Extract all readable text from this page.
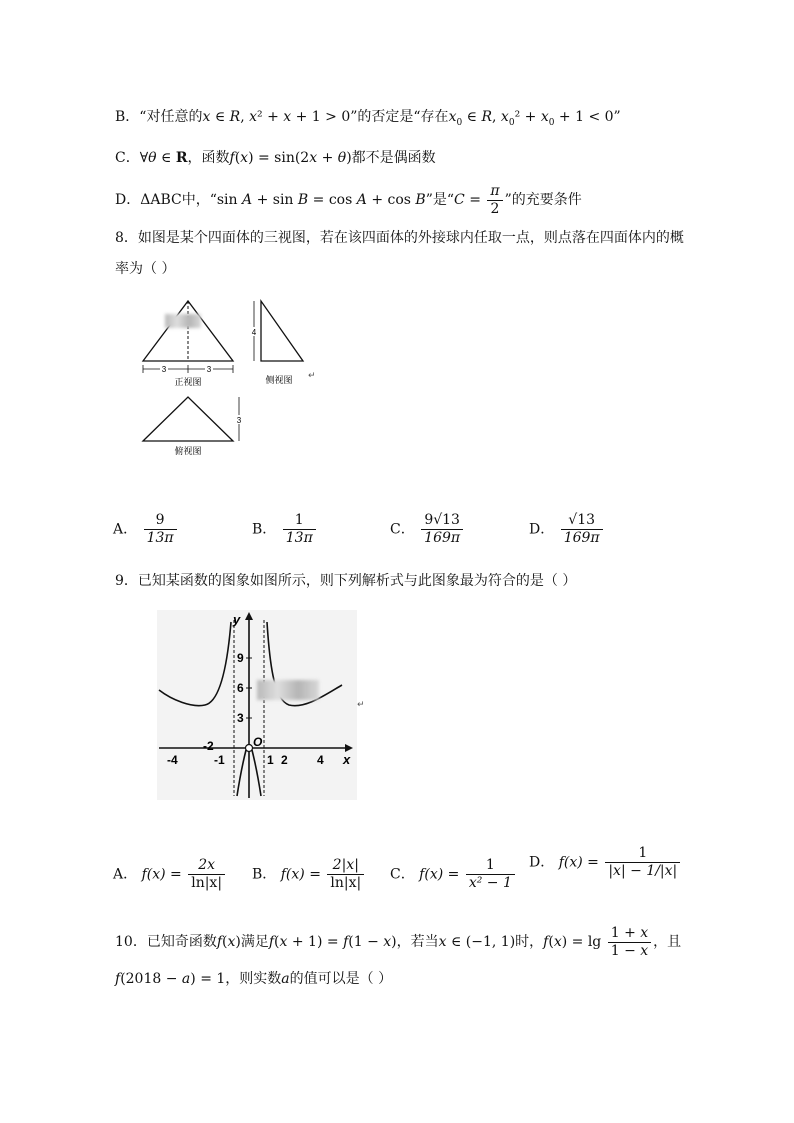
B．“对任意的x ∈ R, x² + x + 1 > 0”的否定是“存在$x_0$ ∈ R, $x_0^2 + x_0 + 1 < 0$”
C．∀θ ∈ R，函数f(x) = sin(2x + θ)都不是偶函数
D．ΔABC中，“sin A + sin B = cos A + cos B”是“$C = \frac{\pi}{2}$ ”的充要条件
8．如图是某个四面体的三视图，若在该四面体的外接球内任取一点，则点落在四面体内的概
率为（ ）
3	3
正视图
4
侧视图
3
俯视图
↵
A． $\frac{9}{13\pi}$	B． $\frac{1}{13\pi}$	C． $\frac{9√13}{169\pi}$	D． $\frac{√13}{169\pi}$
9．已知某函数的图象如图所示，则下列解析式与此图象最为符合的是（ ）
y
x
O
9
6
3
-4
-2
-1	1 2 4
↵
A． $f(x) = \frac{2x}{\ln|x|}$ B． $f(x) = \frac{2|x|}{\ln|x|}$ C． $f(x) = \frac{1}{\text{x² − 1}}$ D． $f(x) = \frac{1}{|x| - 1/|x|}$
10．已知奇函数f(x)满足f(x + 1) = f(1 − x)，若当x ∈ (−1, 1)时，$f(x) = \lg \frac{1 + x}{1 - x}$ ，且
f(2018 − a) = 1，则实数a的值可以是（ ）
